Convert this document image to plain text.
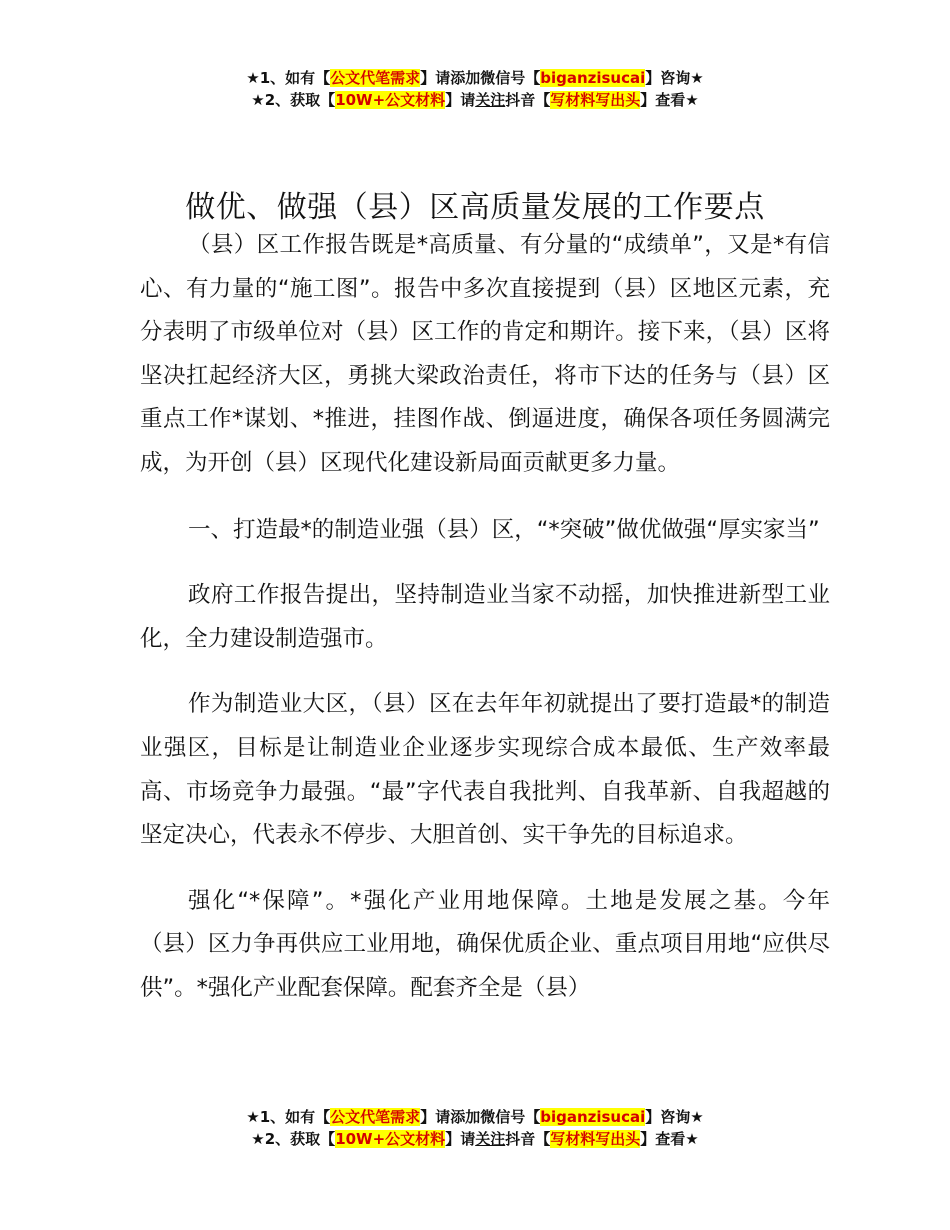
★1、如有【公文代笔需求】请添加微信号【biganzisucai】咨询★
★2、获取【10W+公文材料】请关注抖音【写材料写出头】查看★
做优、做强（县）区高质量发展的工作要点

（县）区工作报告既是*高质量、有分量的“成绩单”，又是*有信心、有力量的“施工图”。报告中多次直接提到（县）区地区元素，充分表明了市级单位对（县）区工作的肯定和期许。接下来，（县）区将坚决扛起经济大区，勇挑大梁政治责任，将市下达的任务与（县）区重点工作*谋划、*推进，挂图作战、倒逼进度，确保各项任务圆满完成，为开创（县）区现代化建设新局面贡献更多力量。

一、打造最*的制造业强（县）区，“*突破”做优做强“厚实家当”

政府工作报告提出，坚持制造业当家不动摇，加快推进新型工业化，全力建设制造强市。

作为制造业大区，（县）区在去年年初就提出了要打造最*的制造业强区，目标是让制造业企业逐步实现综合成本最低、生产效率最高、市场竞争力最强。“最”字代表自我批判、自我革新、自我超越的坚定决心，代表永不停步、大胆首创、实干争先的目标追求。

强化“*保障”。*强化产业用地保障。土地是发展之基。今年（县）区力争再供应工业用地，确保优质企业、重点项目用地“应供尽供”。*强化产业配套保障。配套齐全是（县）

★1、如有【公文代笔需求】请添加微信号【biganzisucai】咨询★
★2、获取【10W+公文材料】请关注抖音【写材料写出头】查看★
